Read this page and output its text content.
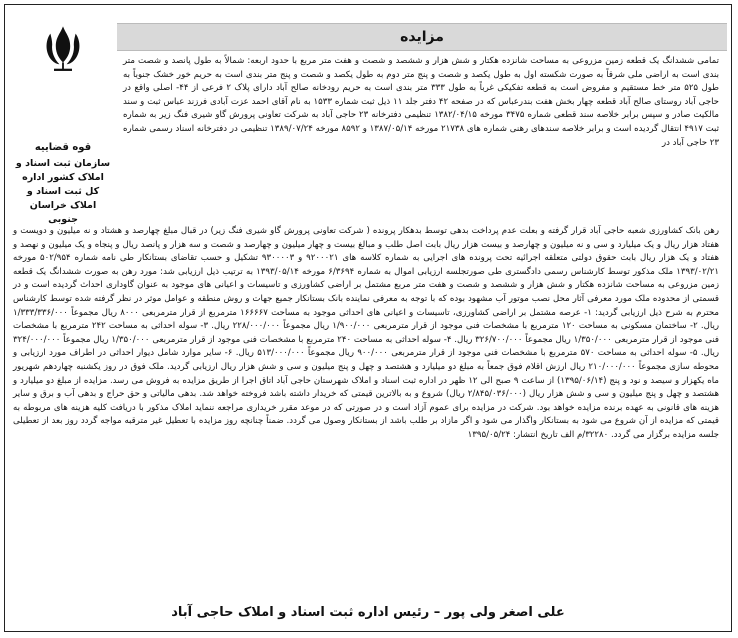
قوه قضاییه
سازمان ثبت اسناد و املاک کشور اداره کل ثبت اسناد و املاک خراسان جنوبی
مزایده

تمامی ششدانگ یک قطعه زمین مزروعی به مساحت شانزده هکتار و شش هزار و ششصد و شصت و هفت متر مربع با حدود اربعه: شمالاً به طول پانصد و شصت متر بندی است به اراضی ملی شرقاً به صورت شکسته اول به طول یکصد و شصت و پنج متر دوم به طول یکصد و شصت و پنج متر بندی است به حریم خور خشک جنوباً به طول ۵۲۵ متر خط مستقیم و مفروض است به قطعه تفکیکی غرباً به طول ۳۳۳ متر بندی است به حریم رودخانه صالح آباد دارای پلاک ۲ فرعی از ۴۴- اصلی واقع در حاجی آباد روستای صالح آباد قطعه چهار بخش هفت بندرعباس که در صفحه ۴۲ دفتر جلد ۱۱ ذیل ثبت شماره ۱۵۳۳ به نام آقای احمد عزت آبادی فرزند عباس ثبت و سند مالکیت صادر و سپس برابر خلاصه سند قطعی شماره ۳۴۷۵ مورخه ۱۳۸۲/۰۴/۱۵ تنظیمی دفترخانه ۲۳ حاجی آباد به شرکت تعاونی پرورش گاو شیری فنگ زیر به شماره ثبت ۴۹۱۷ انتقال گردیده است و برابر خلاصه سندهای رهنی شماره های ۲۱۷۳۸ مورخه ۱۳۸۷/۰۵/۱۴ و ۸۵۹۲ مورخه ۱۳۸۹/۰۷/۲۴ تنظیمی در دفترخانه اسناد رسمی شماره ۲۳ حاجی آباد در

رهن بانک کشاورزی شعبه حاجی آباد قرار گرفته و بعلت عدم پرداخت بدهی توسط بدهکار پرونده ( شرکت تعاونی پرورش گاو شیری فنگ زیر) در قبال مبلغ چهارصد و هشتاد و نه میلیون و دویست و هفتاد هزار ریال و یک میلیارد و سی و نه میلیون و چهارصد و بیست هزار ریال بابت اصل طلب و مبالغ بیست و چهار میلیون و چهارصد و شصت و سه هزار و پانصد ریال و پنجاه و یک میلیون و نهصد و هفتاد و یک هزار ریال بابت حقوق دولتی متعلقه اجرائیه تحت پرونده های اجرایی به شماره کلاسه های ۹۲۰۰۰۲۱ و ۹۳۰۰۰۰۳ تشکیل و حسب تقاضای بستانکار طی نامه شماره ۵۰۲/۹۵۴ مورخه ۱۳۹۳/۰۲/۲۱ ملک مذکور توسط کارشناس رسمی دادگستری طی صورتجلسه ارزیابی اموال به شماره ۶/۳۶۹۴ مورخه ۱۳۹۳/۰۵/۱۴ به ترتیب ذیل ارزیابی شد: مورد رهن به صورت ششدانگ یک قطعه زمین مزروعی به مساحت شانزده هکتار و شش هزار و ششصد و شصت و هفت متر مربع مشتمل بر اراضی کشاورزی و تاسیسات و اعیانی های موجود به عنوان گاوداری احداث گردیده است و در قسمتی از محدوده ملک مورد معرفی آثار محل نصب موتور آب مشهود بوده که با توجه به معرفی نماینده بانک بستانکار جمیع جهات و روش منطقه و عوامل موثر در نظر گرفته شده توسط کارشناس محترم به شرح ذیل ارزیابی گردید: ۱- عرصه مشتمل بر اراضی کشاورزی، تاسیسات و اعیانی های احداثی موجود به مساحت ۱۶۶۶۶۷ مترمربع از قرار مترمربعی ۸۰۰۰ ریال مجموعاً ۱/۳۳۳/۳۳۶/۰۰۰ ریال. ۲- ساختمان مسکونی به مساحت ۱۲۰ مترمربع با مشخصات فنی موجود از قرار مترمربعی ۱/۹۰۰/۰۰۰ ریال مجموعاً ۲۲۸/۰۰۰/۰۰۰ ریال. ۳- سوله احداثی به مساحت ۲۴۲ مترمربع با مشخصات فنی موجود از قرار مترمربعی ۱/۳۵۰/۰۰۰ ریال مجموعاً ۳۲۶/۷۰۰/۰۰۰ ریال. ۴- سوله احداثی به مساحت ۲۴۰ مترمربع با مشخصات فنی موجود از قرار مترمربعی ۱/۳۵۰/۰۰۰ ریال مجموعاً ۳۲۴/۰۰۰/۰۰۰ ریال. ۵- سوله احداثی به مساحت ۵۷۰ مترمربع با مشخصات فنی موجود از قرار مترمربعی ۹۰۰/۰۰۰ ریال مجموعاً ۵۱۳/۰۰۰/۰۰۰ ریال. ۶- سایر موارد شامل دیوار احداثی در اطراف مورد ارزیابی و محوطه سازی مجموعاً ۲۱۰/۰۰۰/۰۰۰ ریال ارزش اقلام فوق جمعاً به مبلغ دو میلیارد و هشتصد و چهل و پنج میلیون و سی و شش هزار ریال ارزیابی گردید. ملک فوق در روز یکشنبه چهاردهم شهریور ماه یکهزار و سیصد و نود و پنج (۱۳۹۵/۰۶/۱۴) از ساعت ۹ صبح الی ۱۲ ظهر در اداره ثبت اسناد و املاک شهرستان حاجی آباد اتاق اجرا از طریق مزایده به فروش می رسد. مزایده از مبلغ دو میلیارد و هشتصد و چهل و پنج میلیون و سی و شش هزار ریال (۲/۸۴۵/۰۳۶/۰۰۰ ریال) شروع و به بالاترین قیمتی که خریدار داشته باشد فروخته خواهد شد. بدهی مالیاتی و حق حراج و بدهی آب و برق و سایر هزینه های قانونی به عهده برنده مزایده خواهد بود. شرکت در مزایده برای عموم آزاد است و در صورتی که در موعد مقرر خریداری مراجعه ننماید املاک مذکور با دریافت کلیه هزینه های مربوطه به قیمتی که مزایده از آن شروع می شود به بستانکار واگذار می شود و اگر مازاد بر طلب باشد از بستانکار وصول می گردد. ضمناً چنانچه روز مزایده با تعطیل غیر مترقبه مواجه گردد روز بعد از تعطیلی جلسه مزایده برگزار می گردد. ۳۲۲۸۰/م الف تاریخ انتشار: ۱۳۹۵/۰۵/۲۴

علی اصغر ولی پور – رئیس اداره ثبت اسناد و املاک حاجی آباد
